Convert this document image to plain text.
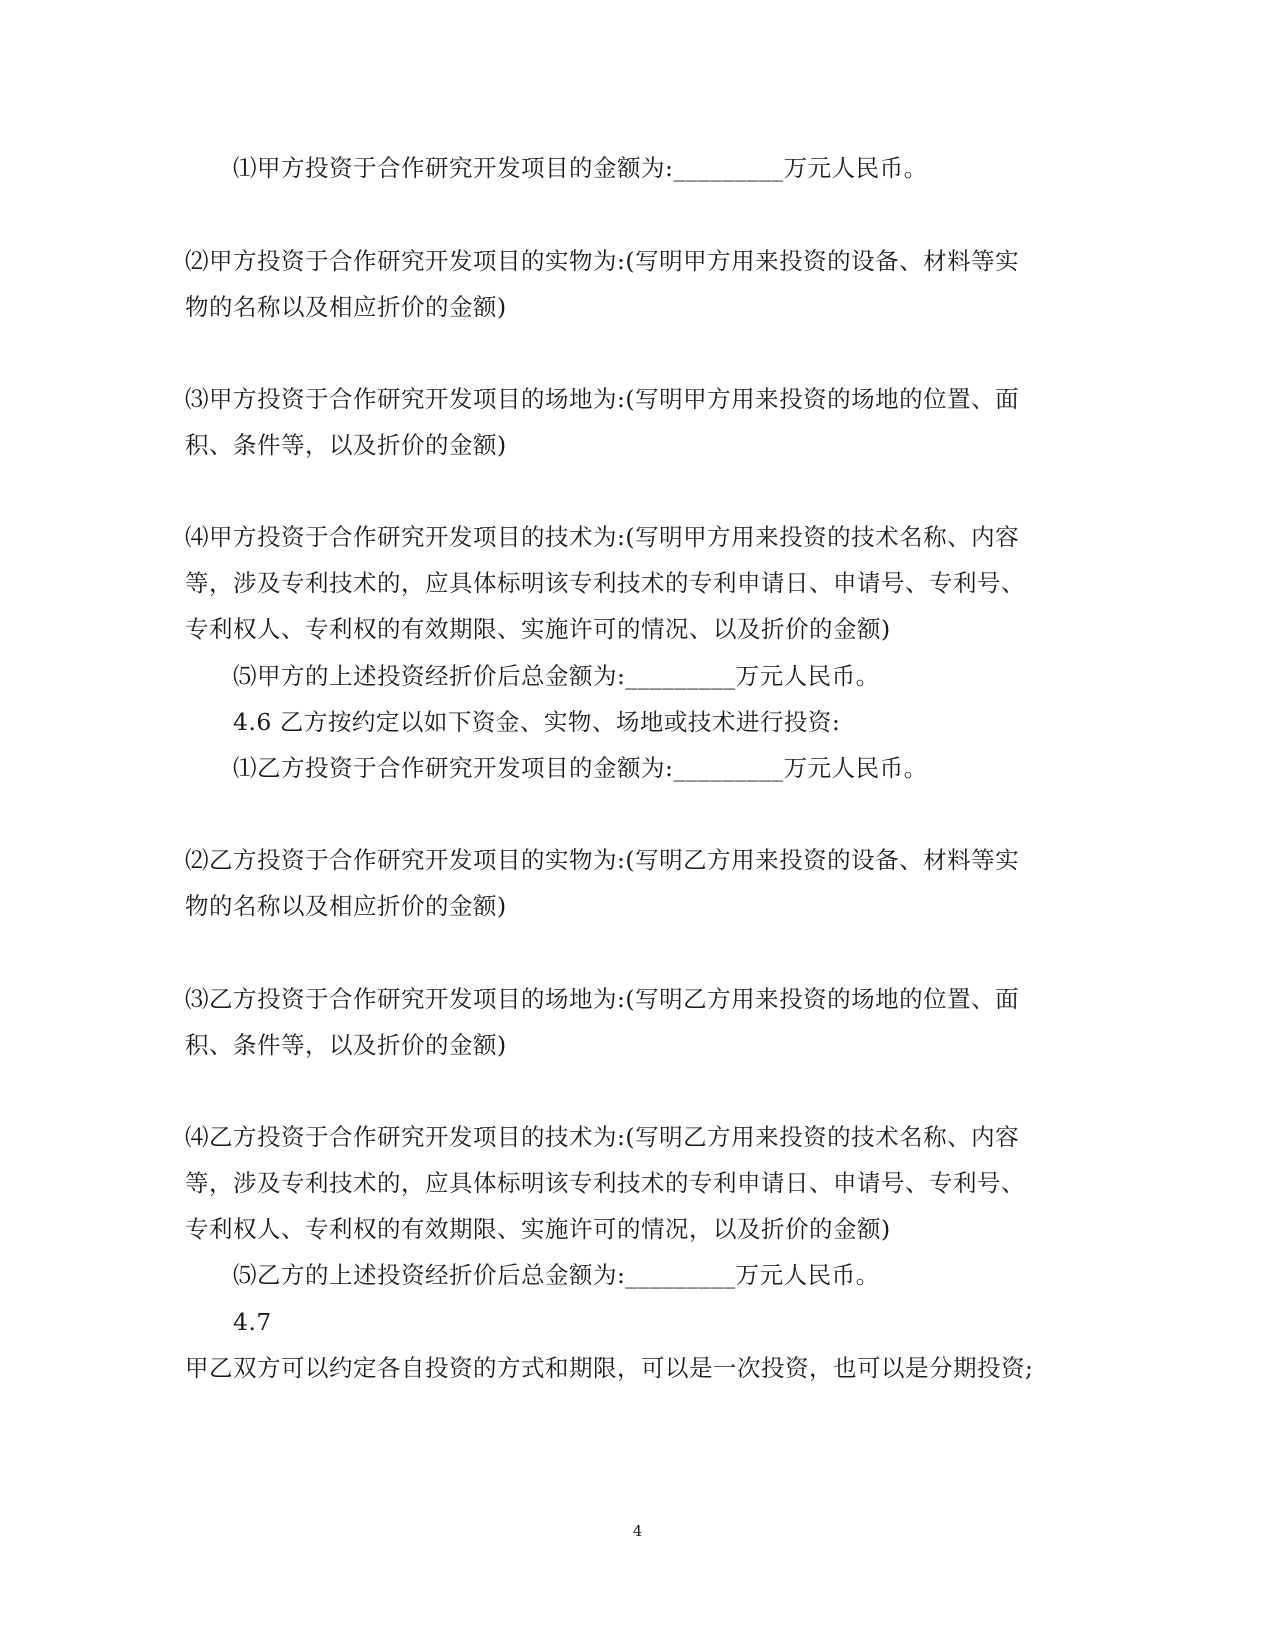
⑴甲方投资于合作研究开发项目的金额为:_________万元人民币。
⑵甲方投资于合作研究开发项目的实物为:(写明甲方用来投资的设备、材料等实
物的名称以及相应折价的金额)
⑶甲方投资于合作研究开发项目的场地为:(写明甲方用来投资的场地的位置、面
积、条件等，以及折价的金额)
⑷甲方投资于合作研究开发项目的技术为:(写明甲方用来投资的技术名称、内容
等，涉及专利技术的，应具体标明该专利技术的专利申请日、申请号、专利号、
专利权人、专利权的有效期限、实施许可的情况、以及折价的金额)
⑸甲方的上述投资经折价后总金额为:_________万元人民币。
4.6 乙方按约定以如下资金、实物、场地或技术进行投资:
⑴乙方投资于合作研究开发项目的金额为:_________万元人民币。
⑵乙方投资于合作研究开发项目的实物为:(写明乙方用来投资的设备、材料等实
物的名称以及相应折价的金额)
⑶乙方投资于合作研究开发项目的场地为:(写明乙方用来投资的场地的位置、面
积、条件等，以及折价的金额)
⑷乙方投资于合作研究开发项目的技术为:(写明乙方用来投资的技术名称、内容
等，涉及专利技术的，应具体标明该专利技术的专利申请日、申请号、专利号、
专利权人、专利权的有效期限、实施许可的情况，以及折价的金额)
⑸乙方的上述投资经折价后总金额为:_________万元人民币。
4.7
甲乙双方可以约定各自投资的方式和期限，可以是一次投资，也可以是分期投资;
4
